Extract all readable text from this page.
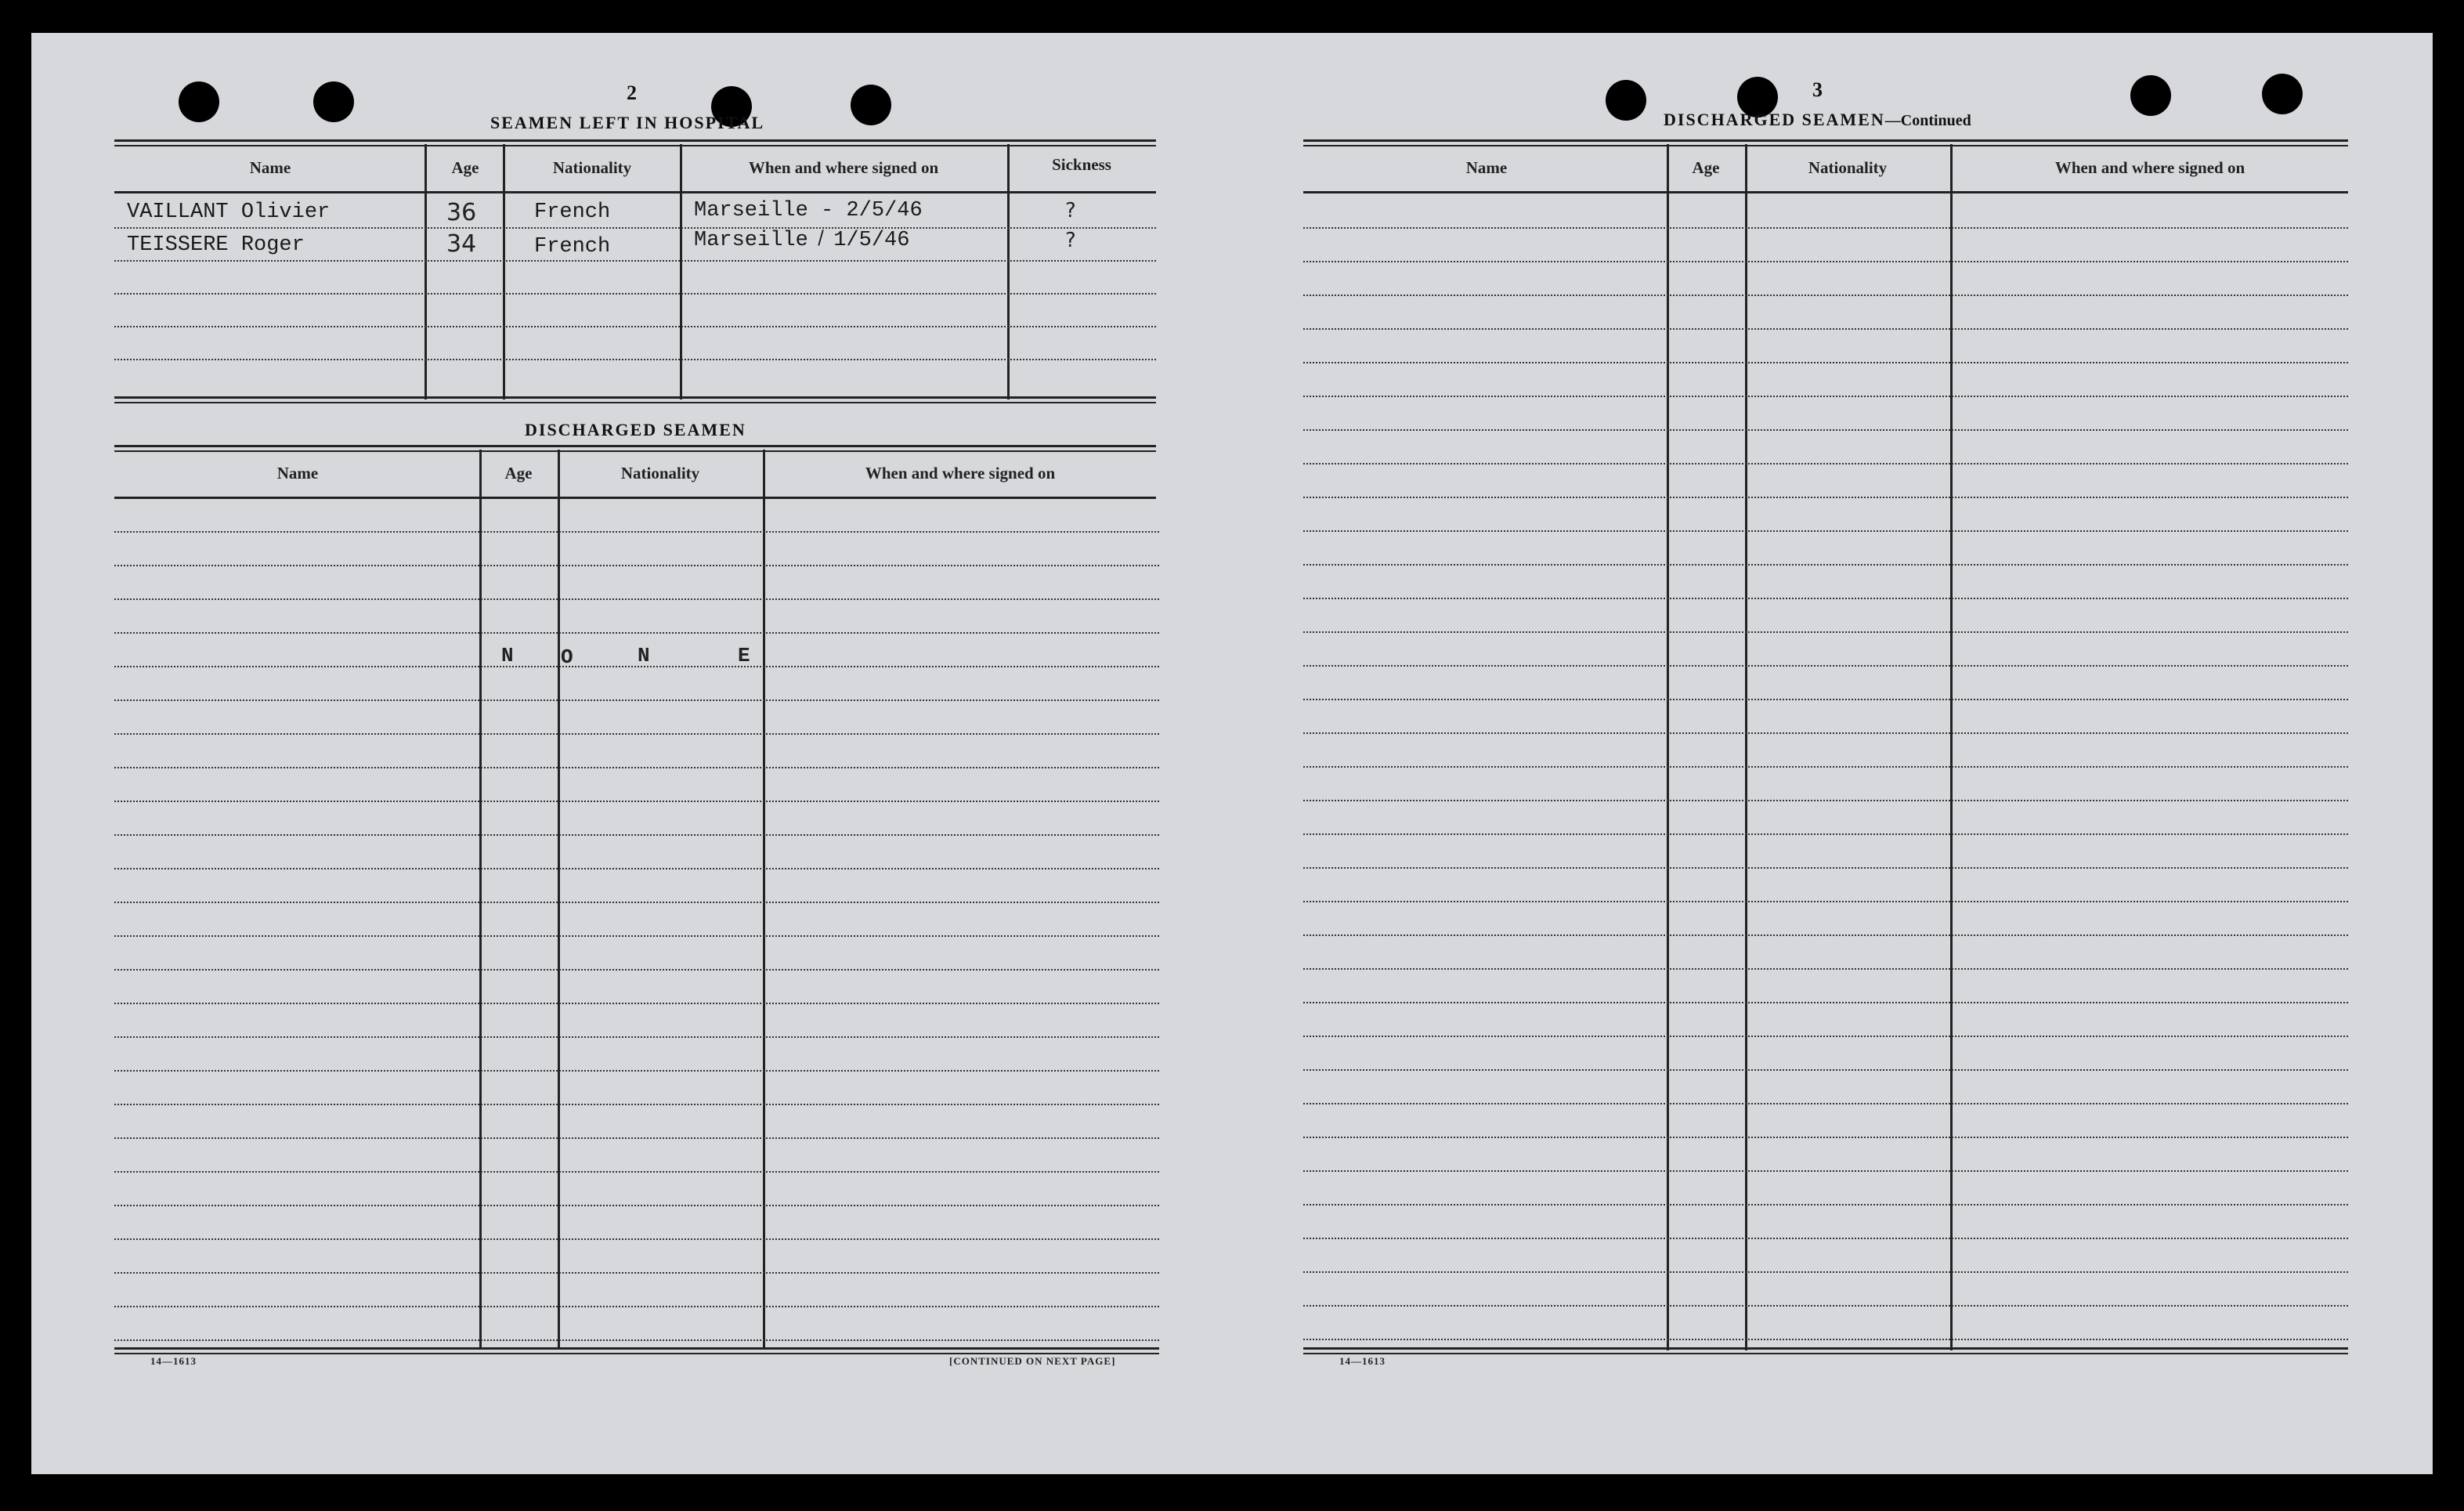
2
SEAMEN LEFT IN HOSPITAL
Name	Age	Nationality	When and where signed on	Sickness
VAILLANT Olivier	36	French	Marseille - 2/5/46	?
TEISSERE Roger	34	French	Marseille ̸ 1/5/46	?
DISCHARGED SEAMEN
Name	Age	Nationality	When and where signed on
N O	N	E
14—1613	[CONTINUED ON NEXT PAGE]
3
DISCHARGED SEAMEN—Continued
Name	Age	Nationality	When and where signed on
14—1613
